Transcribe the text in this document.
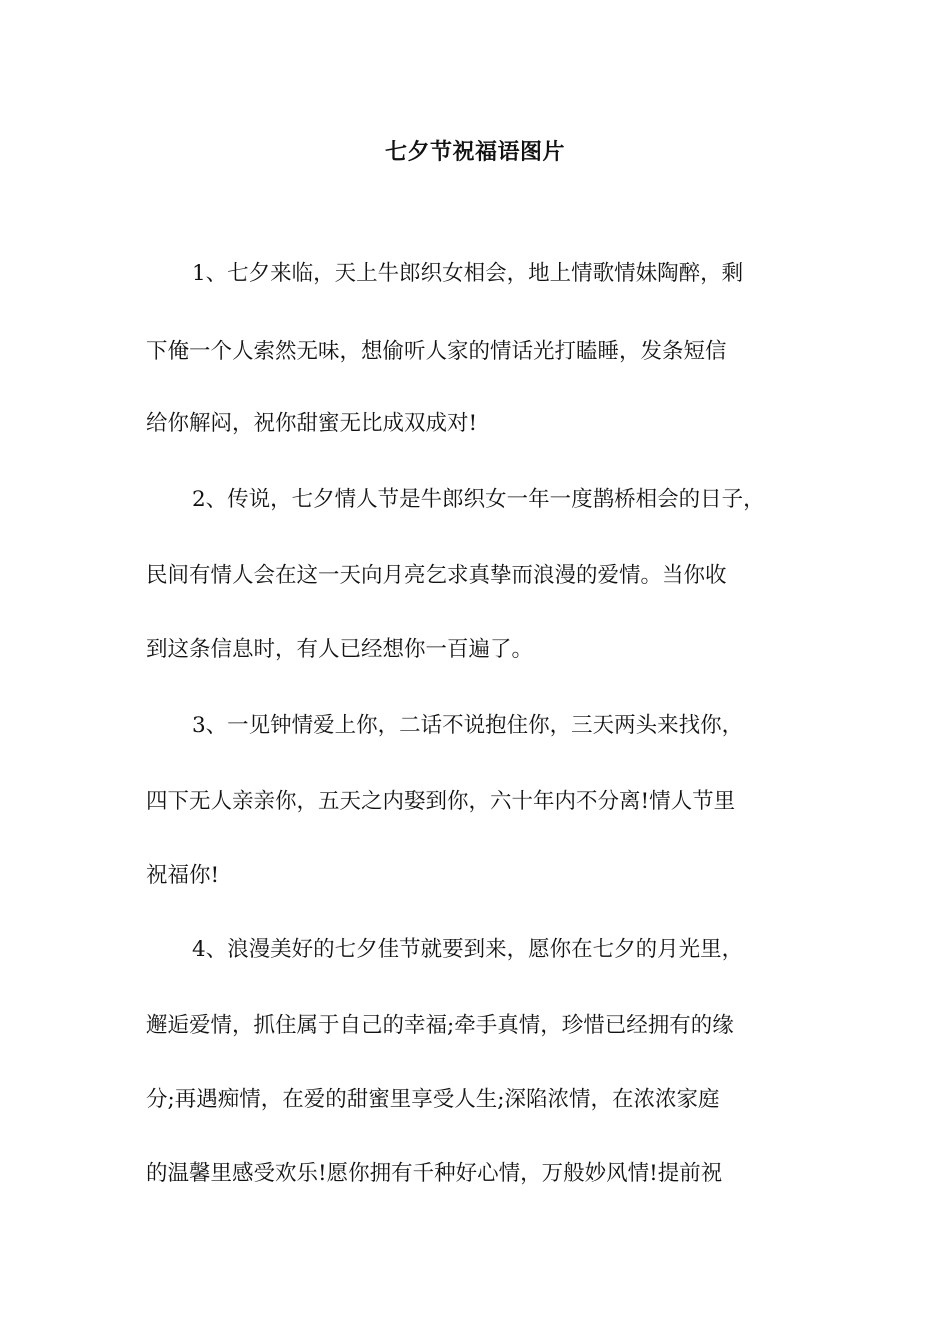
七夕节祝福语图片
1、七夕来临，天上牛郎织女相会，地上情歌情妹陶醉，剩
下俺一个人索然无味，想偷听人家的情话光打瞌睡，发条短信
给你解闷，祝你甜蜜无比成双成对!
2、传说，七夕情人节是牛郎织女一年一度鹊桥相会的日子，
民间有情人会在这一天向月亮乞求真挚而浪漫的爱情。当你收
到这条信息时，有人已经想你一百遍了。
3、一见钟情爱上你，二话不说抱住你，三天两头来找你，
四下无人亲亲你，五天之内娶到你，六十年内不分离!情人节里
祝福你!
4、浪漫美好的七夕佳节就要到来，愿你在七夕的月光里，
邂逅爱情，抓住属于自己的幸福;牵手真情，珍惜已经拥有的缘
分;再遇痴情，在爱的甜蜜里享受人生;深陷浓情，在浓浓家庭
的温馨里感受欢乐!愿你拥有千种好心情，万般妙风情!提前祝
